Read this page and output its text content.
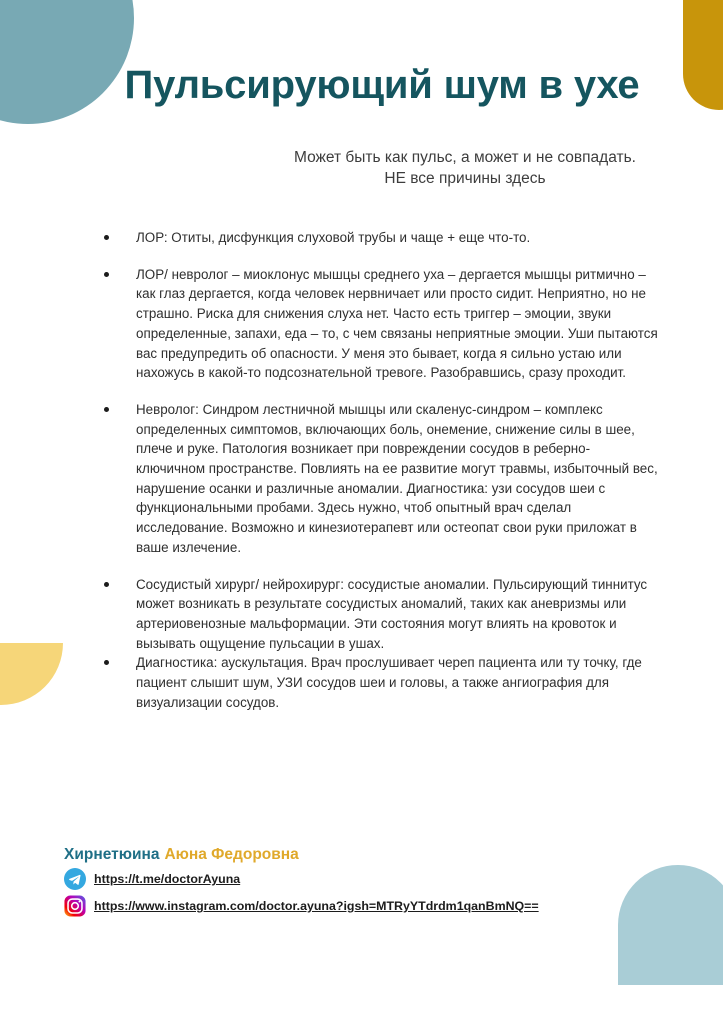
Пульсирующий шум в ухе
Может быть как пульс, а может и не совпадать. НЕ все причины здесь
ЛОР: Отиты, дисфункция слуховой трубы и чаще + еще что-то.
ЛОР/ невролог – миоклонус мышцы среднего уха – дергается мышцы ритмично – как глаз дергается, когда человек нервничает или просто сидит. Неприятно, но не страшно. Риска для снижения слуха нет. Часто есть триггер – эмоции, звуки определенные, запахи, еда – то, с чем связаны неприятные эмоции. Уши пытаются вас предупредить об опасности. У меня это бывает, когда я сильно устаю или нахожусь в какой-то подсознательной тревоге. Разобравшись, сразу проходит.
Невролог: Синдром лестничной мышцы или скаленус-синдром – комплекс определенных симптомов, включающих боль, онемение, снижение силы в шее, плече и руке. Патология возникает при повреждении сосудов в реберно-ключичном пространстве. Повлиять на ее развитие могут травмы, избыточный вес, нарушение осанки и различные аномалии. Диагностика: узи сосудов шеи с функциональными пробами. Здесь нужно, чтоб опытный врач сделал исследование. Возможно и кинезиотерапевт или остеопат свои руки приложат в ваше излечение.
Сосудистый хирург/ нейрохирург: сосудистые аномалии. Пульсирующий тиннитус может возникать в результате сосудистых аномалий, таких как аневризмы или артериовенозные мальформации. Эти состояния могут влиять на кровоток и вызывать ощущение пульсации в ушах.
Диагностика: аускультация. Врач прослушивает череп пациента или ту точку, где пациент слышит шум, УЗИ сосудов шеи и головы, а также ангиография для визуализации сосудов.
Хирнетюина Аюна Федоровна
https://t.me/doctorAyuna
https://www.instagram.com/doctor.ayuna?igsh=MTRyYTdrdm1qanBmNQ==
